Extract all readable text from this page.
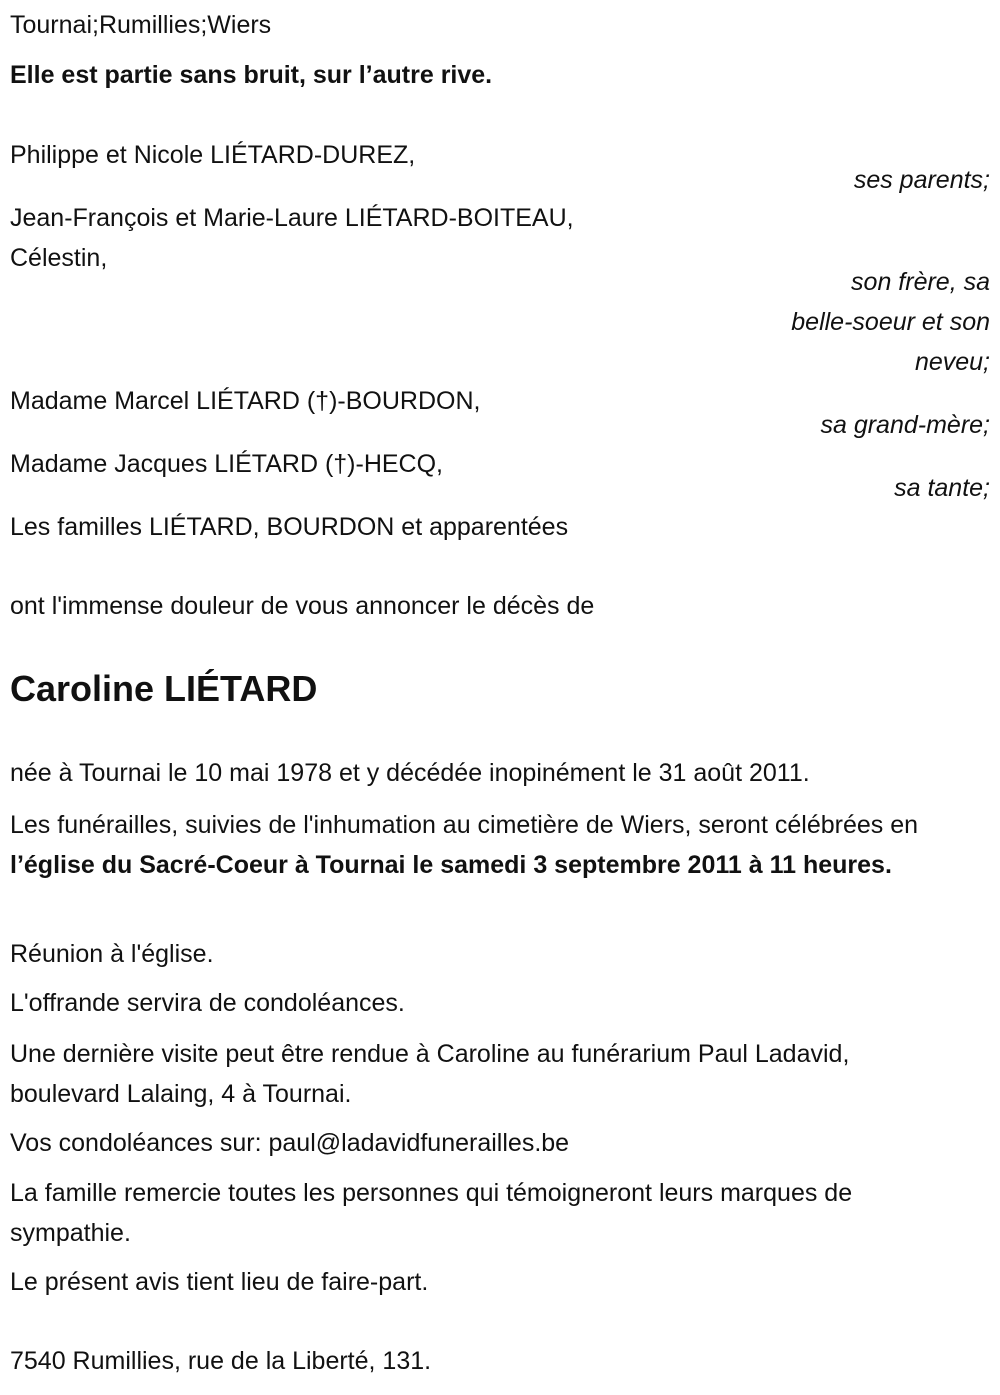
Tournai;Rumillies;Wiers
Elle est partie sans bruit, sur l’autre rive.
Philippe et Nicole LIÉTARD-DUREZ,
ses parents;
Jean-François et Marie-Laure LIÉTARD-BOITEAU,
Célestin,
son frère, sa
belle-soeur et son
neveu;
Madame Marcel LIÉTARD (†)-BOURDON,
sa grand-mère;
Madame Jacques LIÉTARD (†)-HECQ,
sa tante;
Les familles LIÉTARD, BOURDON et apparentées
ont l'immense douleur de vous annoncer le décès de
Caroline LIÉTARD
née à Tournai le 10 mai 1978 et y décédée inopinément le 31 août 2011.
Les funérailles, suivies de l'inhumation au cimetière de Wiers, seront célébrées en l’église du Sacré-Coeur à Tournai le samedi 3 septembre 2011 à 11 heures.
Réunion à l'église.
L'offrande servira de condoléances.
Une dernière visite peut être rendue à Caroline au funérarium Paul Ladavid, boulevard Lalaing, 4 à Tournai.
Vos condoléances sur: paul@ladavidfunerailles.be
La famille remercie toutes les personnes qui témoigneront leurs marques de sympathie.
Le présent avis tient lieu de faire-part.
7540 Rumillies, rue de la Liberté, 131.
